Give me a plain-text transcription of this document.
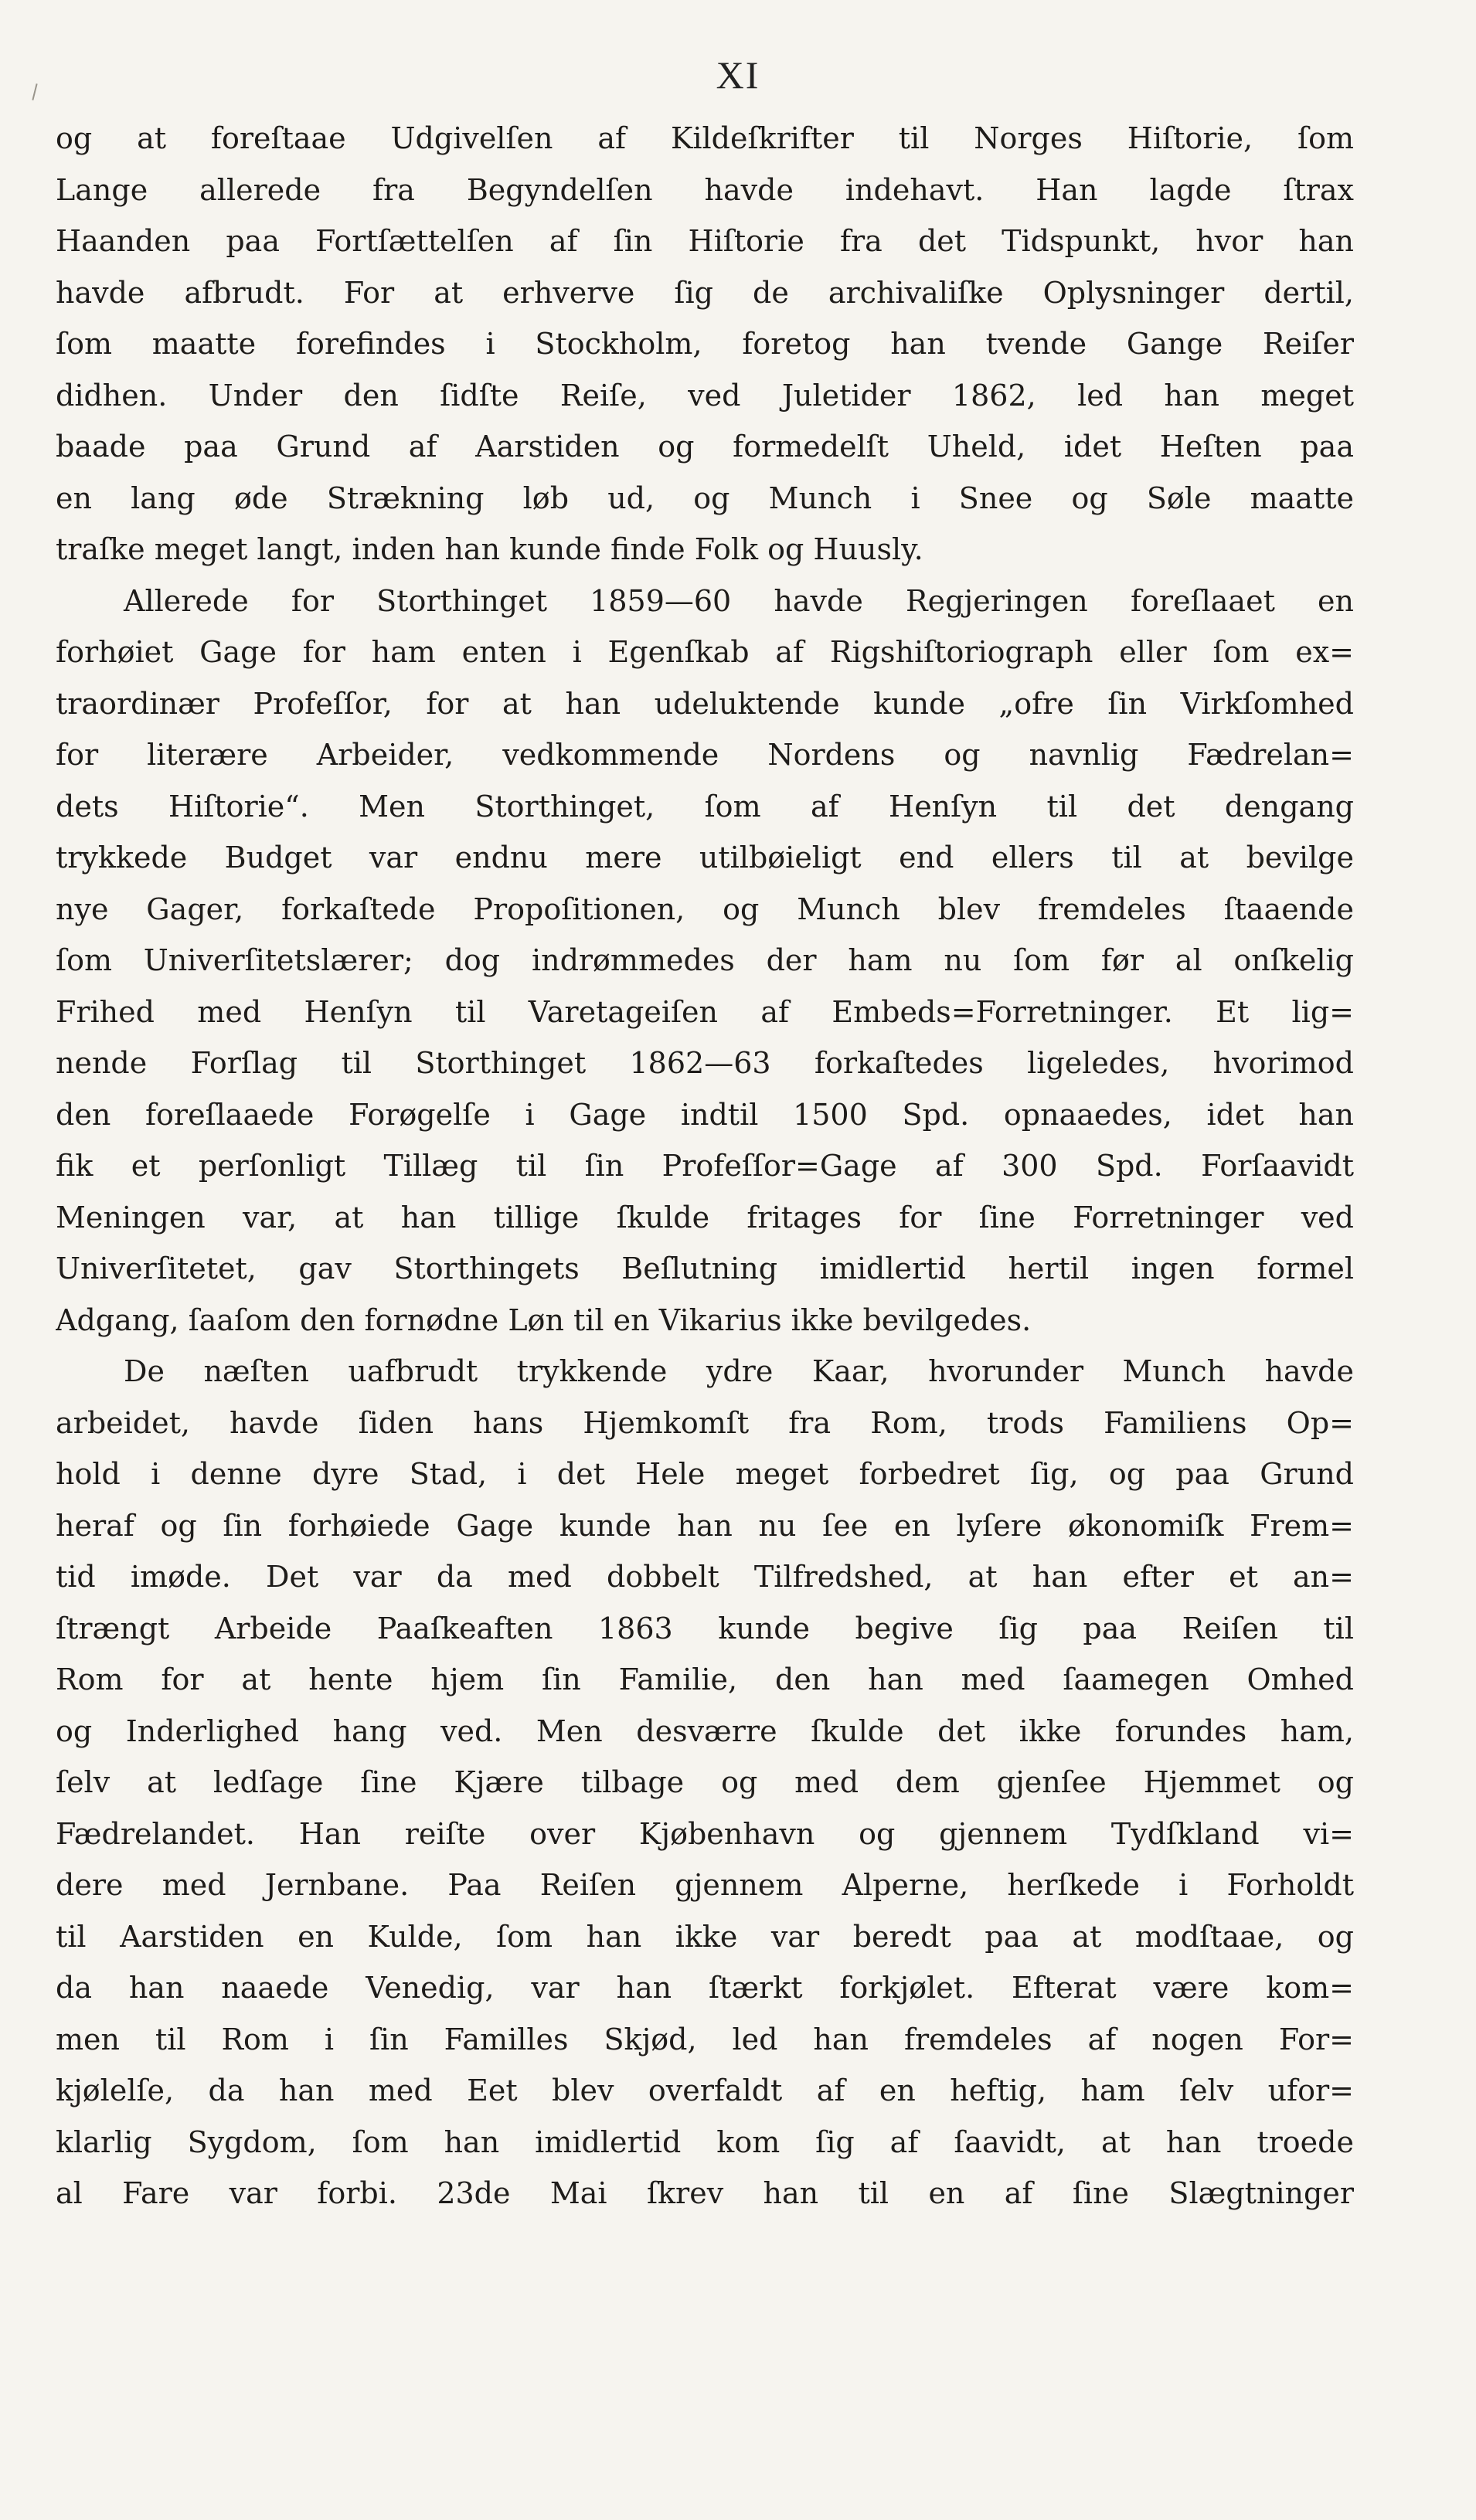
XI
og at foreſtaae Udgivelſen af Kildeſkrifter til Norges Hiſtorie, ſom
Lange allerede fra Begyndelſen havde indehavt. Han lagde ſtrax
Haanden paa Fortſættelſen af ſin Hiſtorie fra det Tidspunkt, hvor han
havde afbrudt. For at erhverve ſig de archivaliſke Oplysninger dertil,
ſom maatte forefindes i Stockholm, foretog han tvende Gange Reiſer
didhen. Under den ſidſte Reiſe, ved Juletider 1862, led han meget
baade paa Grund af Aarstiden og formedelſt Uheld, idet Heſten paa
en lang øde Strækning løb ud, og Munch i Snee og Søle maatte
traſke meget langt, inden han kunde finde Folk og Huusly.
Allerede for Storthinget 1859—60 havde Regjeringen foreſlaaet en
forhøiet Gage for ham enten i Egenſkab af Rigshiſtoriograph eller ſom ex=
traordinær Profeſſor, for at han udeluktende kunde „ofre ſin Virkſomhed
for literære Arbeider, vedkommende Nordens og navnlig Fædrelan=
dets Hiſtorie“. Men Storthinget, ſom af Henſyn til det dengang
trykkede Budget var endnu mere utilbøieligt end ellers til at bevilge
nye Gager, forkaſtede Propoſitionen, og Munch blev fremdeles ſtaaende
ſom Univerſitetslærer; dog indrømmedes der ham nu ſom før al onſkelig
Frihed med Henſyn til Varetageiſen af Embeds=Forretninger. Et lig=
nende Forſlag til Storthinget 1862—63 forkaſtedes ligeledes, hvorimod
den foreſlaaede Forøgelſe i Gage indtil 1500 Spd. opnaaedes, idet han
fik et perſonligt Tillæg til ſin Profeſſor=Gage af 300 Spd. Forſaavidt
Meningen var, at han tillige ſkulde fritages for ſine Forretninger ved
Univerſitetet, gav Storthingets Beſlutning imidlertid hertil ingen formel
Adgang, ſaaſom den fornødne Løn til en Vikarius ikke bevilgedes.
De næſten uafbrudt trykkende ydre Kaar, hvorunder Munch havde
arbeidet, havde ſiden hans Hjemkomſt fra Rom, trods Familiens Op=
hold i denne dyre Stad, i det Hele meget forbedret ſig, og paa Grund
heraf og ſin forhøiede Gage kunde han nu ſee en lyſere økonomiſk Frem=
tid imøde. Det var da med dobbelt Tilfredshed, at han efter et an=
ſtrængt Arbeide Paaſkeaften 1863 kunde begive ſig paa Reiſen til
Rom for at hente hjem ſin Familie, den han med ſaamegen Omhed
og Inderlighed hang ved. Men desværre ſkulde det ikke forundes ham,
ſelv at ledſage ſine Kjære tilbage og med dem gjenſee Hjemmet og
Fædrelandet. Han reiſte over Kjøbenhavn og gjennem Tydſkland vi=
dere med Jernbane. Paa Reiſen gjennem Alperne, herſkede i Forholdt
til Aarstiden en Kulde, ſom han ikke var beredt paa at modſtaae, og
da han naaede Venedig, var han ſtærkt forkjølet. Efterat være kom=
men til Rom i ſin Familles Skjød, led han fremdeles af nogen For=
kjølelſe, da han med Eet blev overfaldt af en heftig, ham ſelv ufor=
klarlig Sygdom, ſom han imidlertid kom ſig af ſaavidt, at han troede
al Fare var forbi. 23de Mai ſkrev han til en af ſine Slægtninger
